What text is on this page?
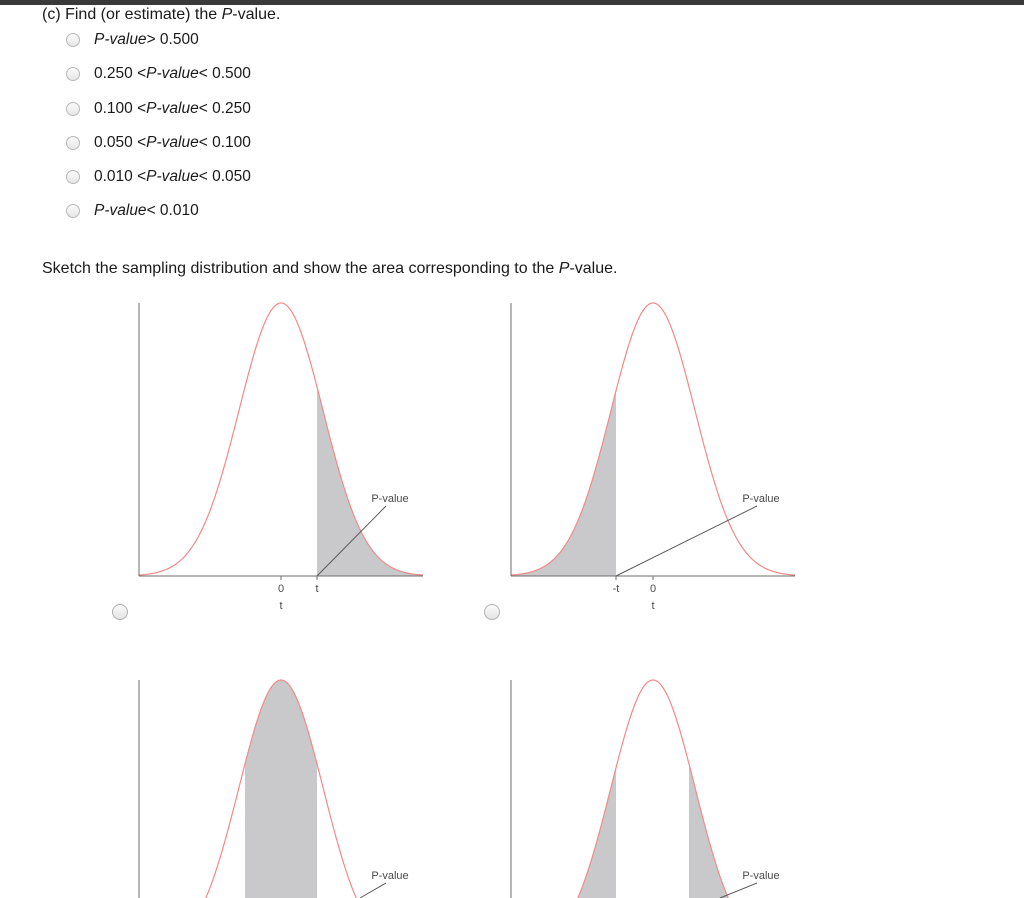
(c) Find (or estimate) the P-value.
P-value > 0.500
0.250 < P-value < 0.500
0.100 < P-value < 0.250
0.050 < P-value < 0.100
0.010 < P-value < 0.050
P-value < 0.010
Sketch the sampling distribution and show the area corresponding to the P-value.
0	t
t
P-value
-t	0
t
P-value
P-value	P-value
